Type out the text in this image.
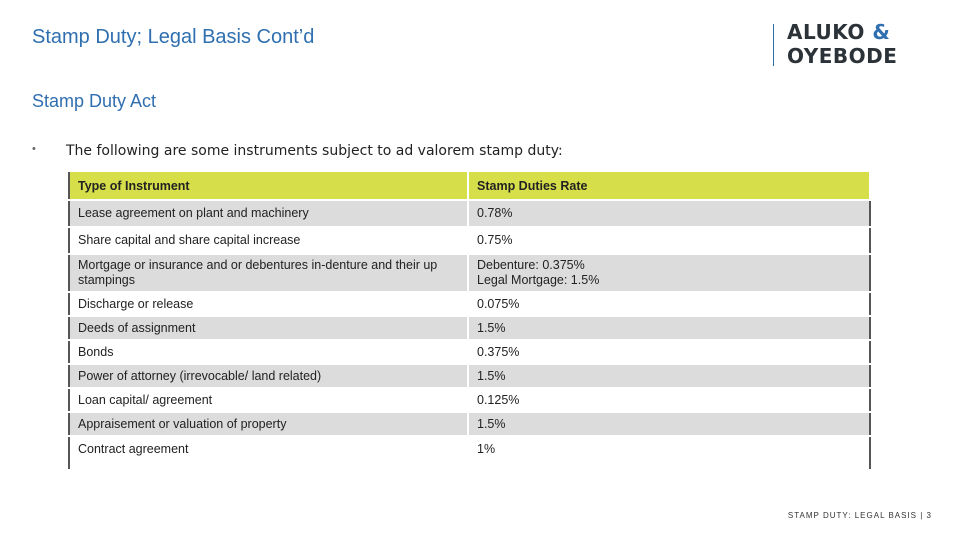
Stamp Duty; Legal Basis Cont’d	ALUKO &
OYEBODE
Stamp Duty Act
• The following are some instruments subject to ad valorem stamp duty:
Type of Instrument	Stamp Duties Rate
Lease agreement on plant and machinery	0.78%
Share capital and share capital increase	0.75%
Mortgage or insurance and or debentures in-denture and their up stampings	Debenture: 0.375%
Legal Mortgage: 1.5%

Discharge or release	0.075%
Deeds of assignment	1.5%
Bonds	0.375%
Power of attorney (irrevocable/ land related)	1.5%
Loan capital/ agreement	0.125%
Appraisement or valuation of property	1.5%
Contract agreement	1%
STAMP DUTY: LEGAL BASIS | 3
